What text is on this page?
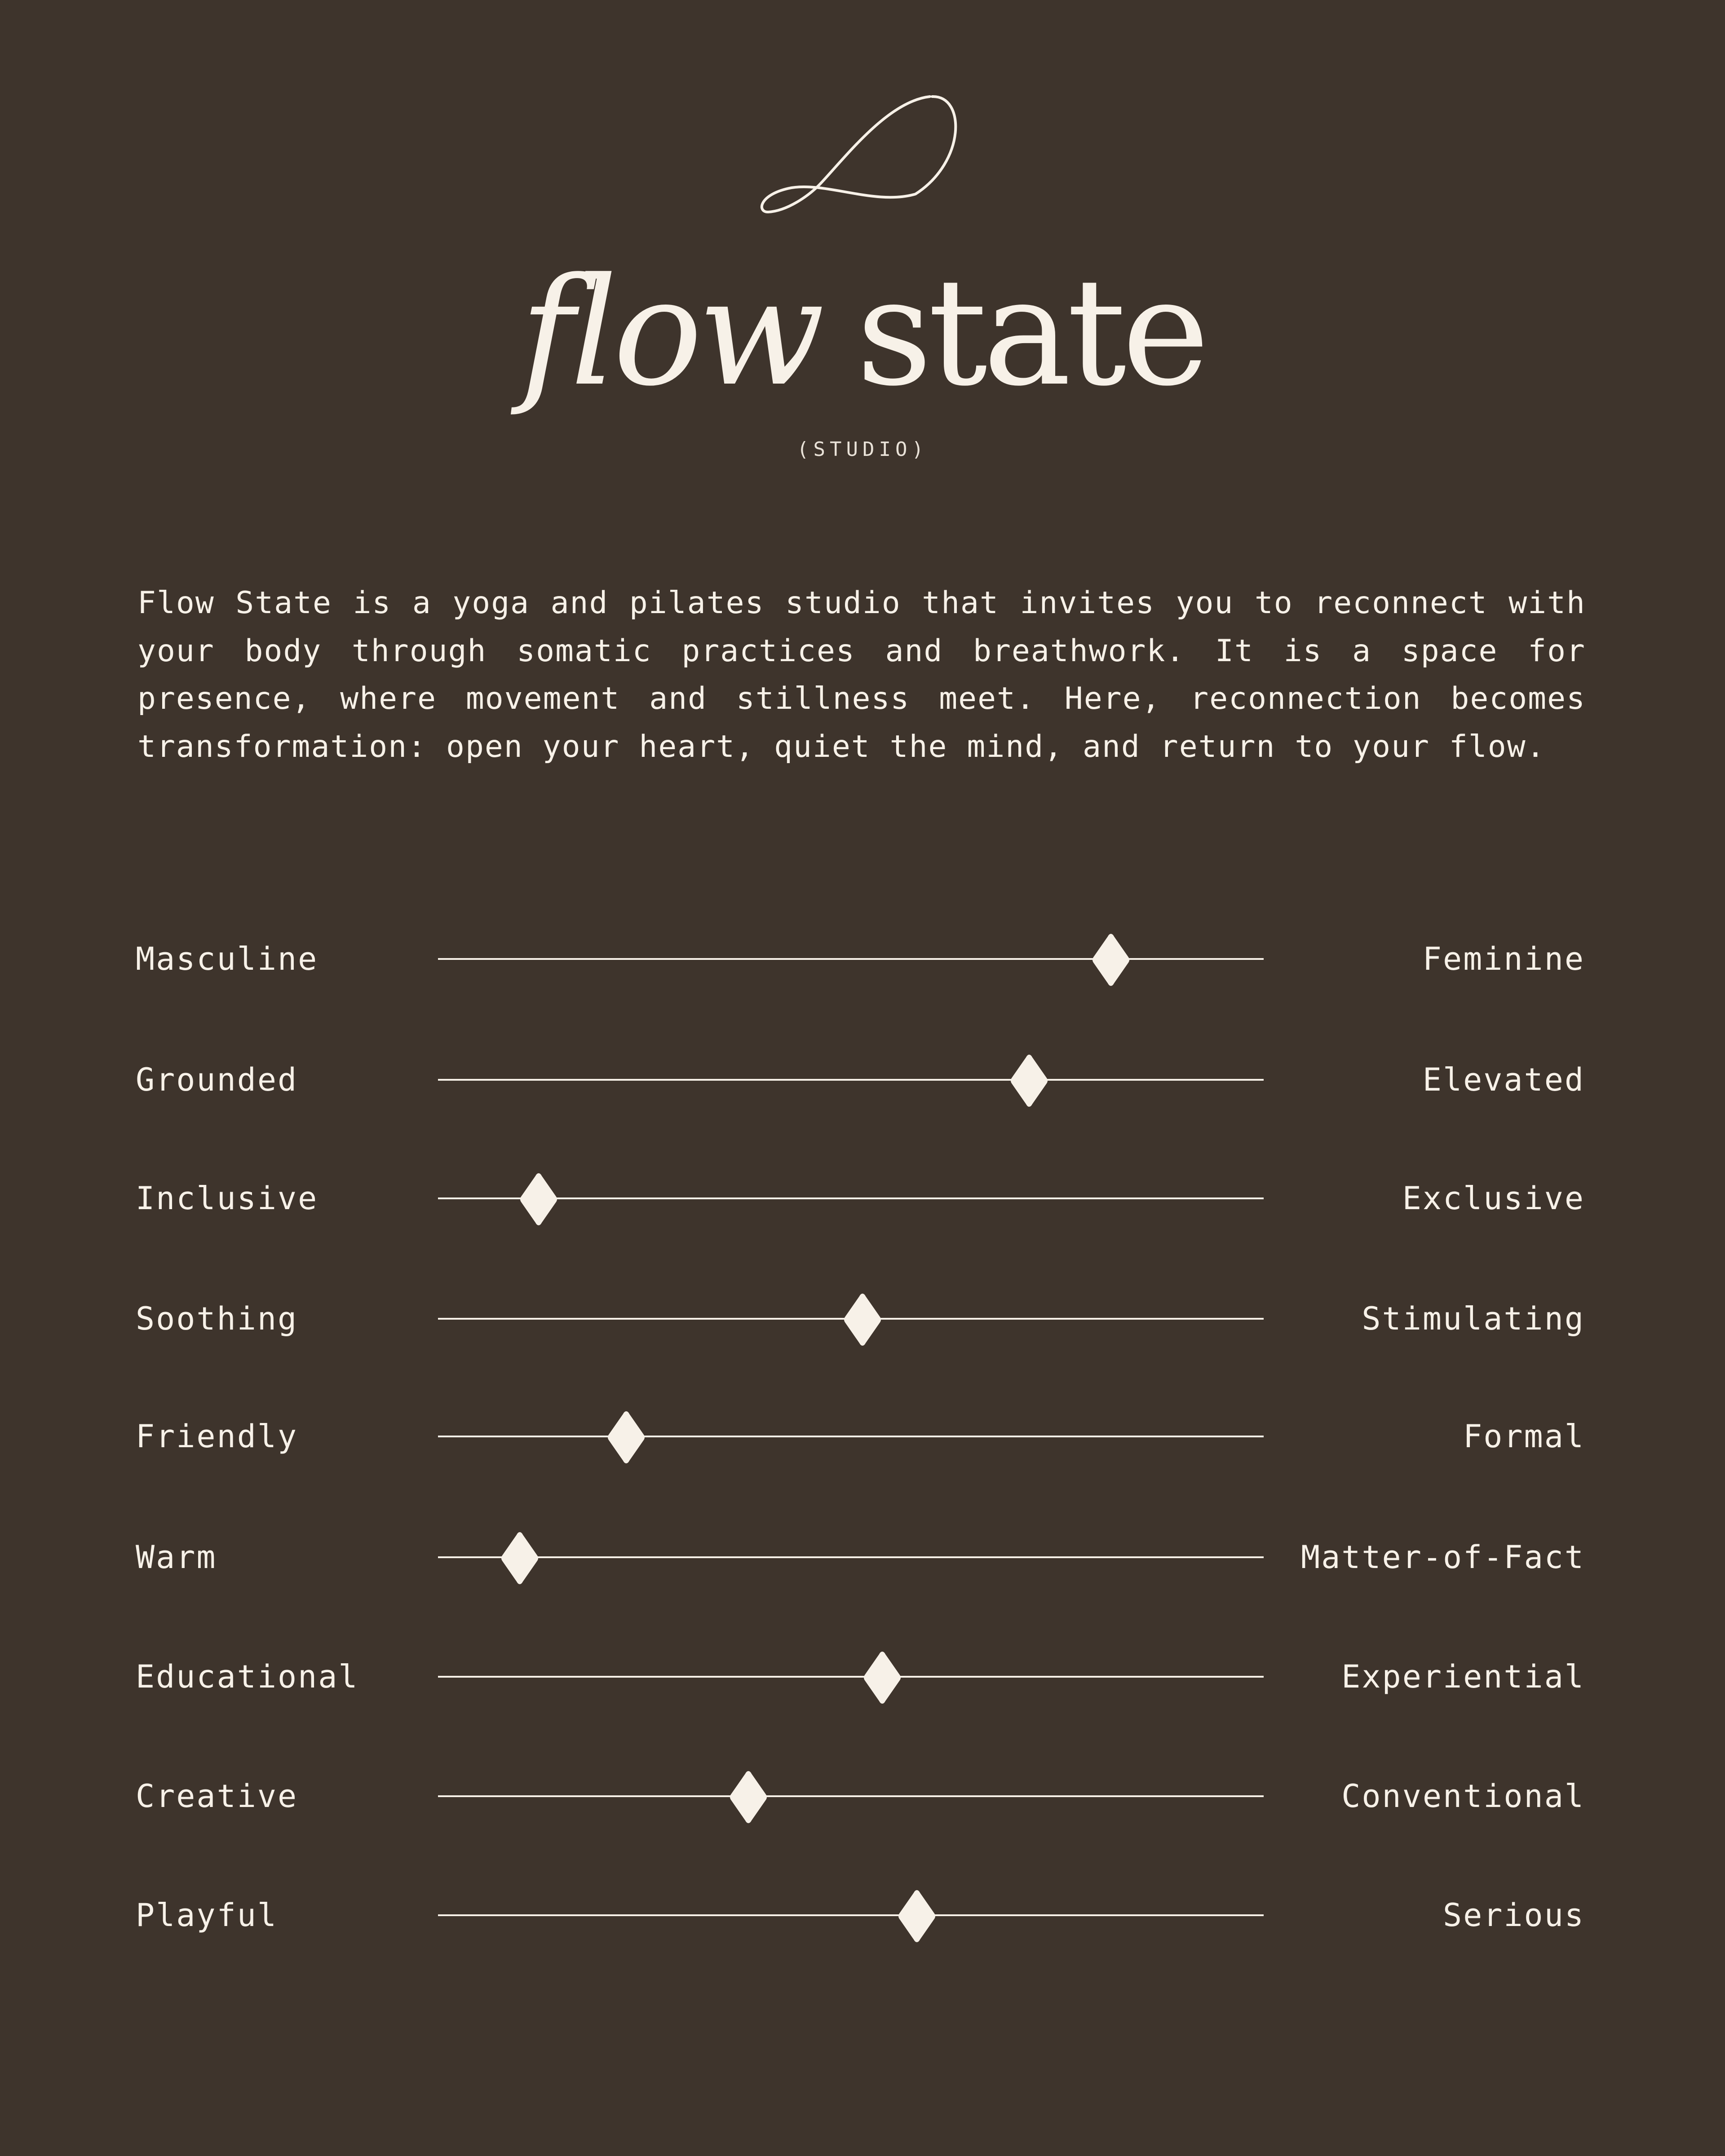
flow state
(STUDIO)

Flow State is a yoga and pilates studio that invites you to reconnect with your body through somatic practices and breathwork. It is a space for presence, where movement and stillness meet. Here, reconnection becomes transformation: open your heart, quiet the mind, and return to your flow.

Masculine	Feminine
Grounded	Elevated
Inclusive	Exclusive
Soothing	Stimulating
Friendly	Formal
Warm	Matter-of-Fact
Educational	Experiential
Creative	Conventional
Playful	Serious
